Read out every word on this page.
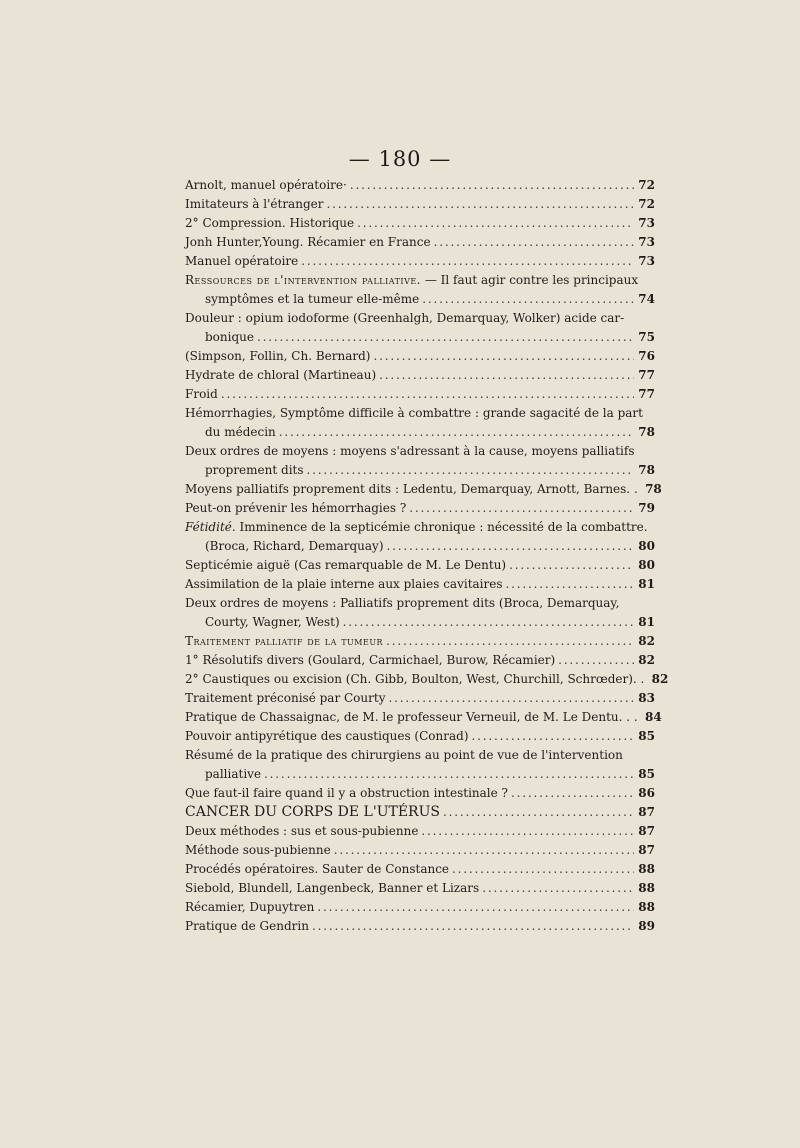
— 180 —
Arnolt, manuel opératoire· . . .	72
Imitateurs à l'étranger . . .	72
2° Compression. Historique . . .	73
Jonh Hunter,Young. Récamier en France . . .	73
Manuel opératoire . . .	73
Ressources de l'intervention palliative. — Il faut agir contre les principaux
symptômes et la tumeur elle-même . . .	74
Douleur : opium iodoforme (Greenhalgh, Demarquay, Wolker) acide car-
bonique . . .	75
(Simpson, Follin, Ch. Bernard) . . .	76
Hydrate de chloral (Martineau) . . .	77
Froid . . .	77
Hémorrhagies, Symptôme difficile à combattre : grande sagacité de la part
du médecin . . .	78
Deux ordres de moyens : moyens s'adressant à la cause, moyens palliatifs
proprement dits . . .	78
Moyens palliatifs proprement dits : Ledentu, Demarquay, Arnott, Barnes. . 78
Peut-on prévenir les hémorrhagies ? . . .	79
Fétidité. Imminence de la septicémie chronique : nécessité de la combattre.
(Broca, Richard, Demarquay) . . .	80
Septicémie aiguë (Cas remarquable de M. Le Dentu) . . .	80
Assimilation de la plaie interne aux plaies cavitaires . . .	81
Deux ordres de moyens : Palliatifs proprement dits (Broca, Demarquay,
Courty, Wagner, West) . . .	81
Traitement palliatif de la tumeur . . .	82
1° Résolutifs divers (Goulard, Carmichael, Burow, Récamier) . . .	82
2° Caustiques ou excision (Ch. Gibb, Boulton, West, Churchill, Schrœder). . 82
Traitement préconisé par Courty . . .	83
Pratique de Chassaignac, de M. le professeur Verneuil, de M. Le Dentu. . . 84
Pouvoir antipyrétique des caustiques (Conrad) . . .	85
Résumé de la pratique des chirurgiens au point de vue de l'intervention
palliative . . .	85
Que faut-il faire quand il y a obstruction intestinale ? . . .	86
CANCER DU CORPS DE L'UTÉRUS . . .	87
Deux méthodes : sus et sous-pubienne . . .	87
Méthode sous-pubienne . . .	87
Procédés opératoires. Sauter de Constance . . .	88
Siebold, Blundell, Langenbeck, Banner et Lizars . . .	88
Récamier, Dupuytren . . .	88
Pratique de Gendrin . . .	89
